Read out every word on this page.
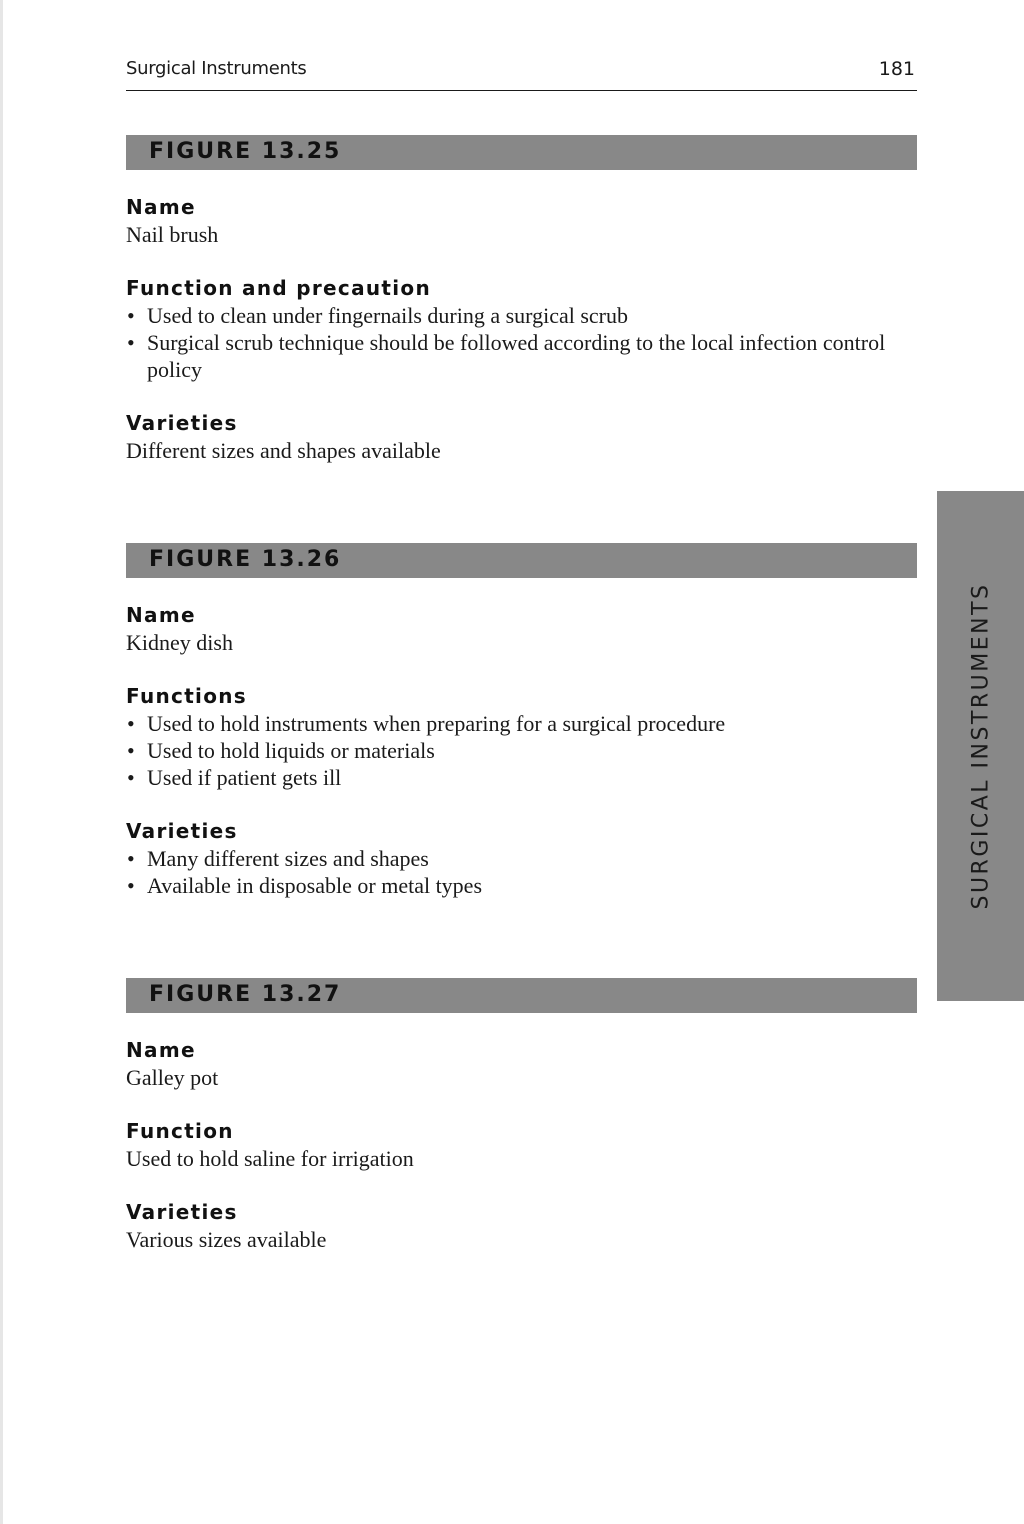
Surgical Instruments	181
FIGURE 13.25

Name

Nail brush

Function and precaution

• Used to clean under fingernails during a surgical scrub
• Surgical scrub technique should be followed according to the local infection control policy

Varieties

Different sizes and shapes available

FIGURE 13.26

Name

Kidney dish

Functions

• Used to hold instruments when preparing for a surgical procedure
• Used to hold liquids or materials
• Used if patient gets ill

Varieties

• Many different sizes and shapes
• Available in disposable or metal types
FIGURE 13.27

Name

Galley pot

Function

Used to hold saline for irrigation

Varieties

Various sizes available

SURGICAL INSTRUMENTS
